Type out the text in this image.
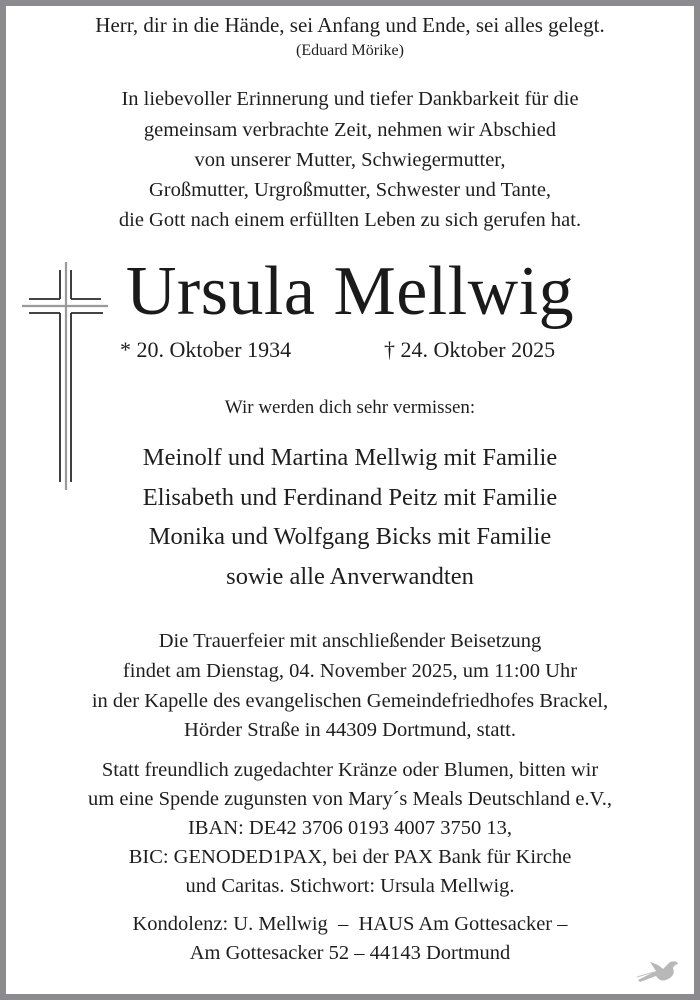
Herr, dir in die Hände, sei Anfang und Ende, sei alles gelegt.
(Eduard Mörike)
In liebevoller Erinnerung und tiefer Dankbarkeit für die
gemeinsam verbrachte Zeit, nehmen wir Abschied
von unserer Mutter, Schwiegermutter,
Großmutter, Urgroßmutter, Schwester und Tante,
die Gott nach einem erfüllten Leben zu sich gerufen hat.
Ursula Mellwig
* 20. Oktober 1934	† 24. Oktober 2025
Wir werden dich sehr vermissen:
Meinolf und Martina Mellwig mit Familie
Elisabeth und Ferdinand Peitz mit Familie
Monika und Wolfgang Bicks mit Familie
sowie alle Anverwandten
Die Trauerfeier mit anschließender Beisetzung
findet am Dienstag, 04. November 2025, um 11:00 Uhr
in der Kapelle des evangelischen Gemeindefriedhofes Brackel,
Hörder Straße in 44309 Dortmund, statt.
Statt freundlich zugedachter Kränze oder Blumen, bitten wir
um eine Spende zugunsten von Mary´s Meals Deutschland e.V.,
IBAN: DE42 3706 0193 4007 3750 13,
BIC: GENODED1PAX, bei der PAX Bank für Kirche
und Caritas. Stichwort: Ursula Mellwig.
Kondolenz: U. Mellwig  –  HAUS Am Gottesacker –
Am Gottesacker 52 – 44143 Dortmund
